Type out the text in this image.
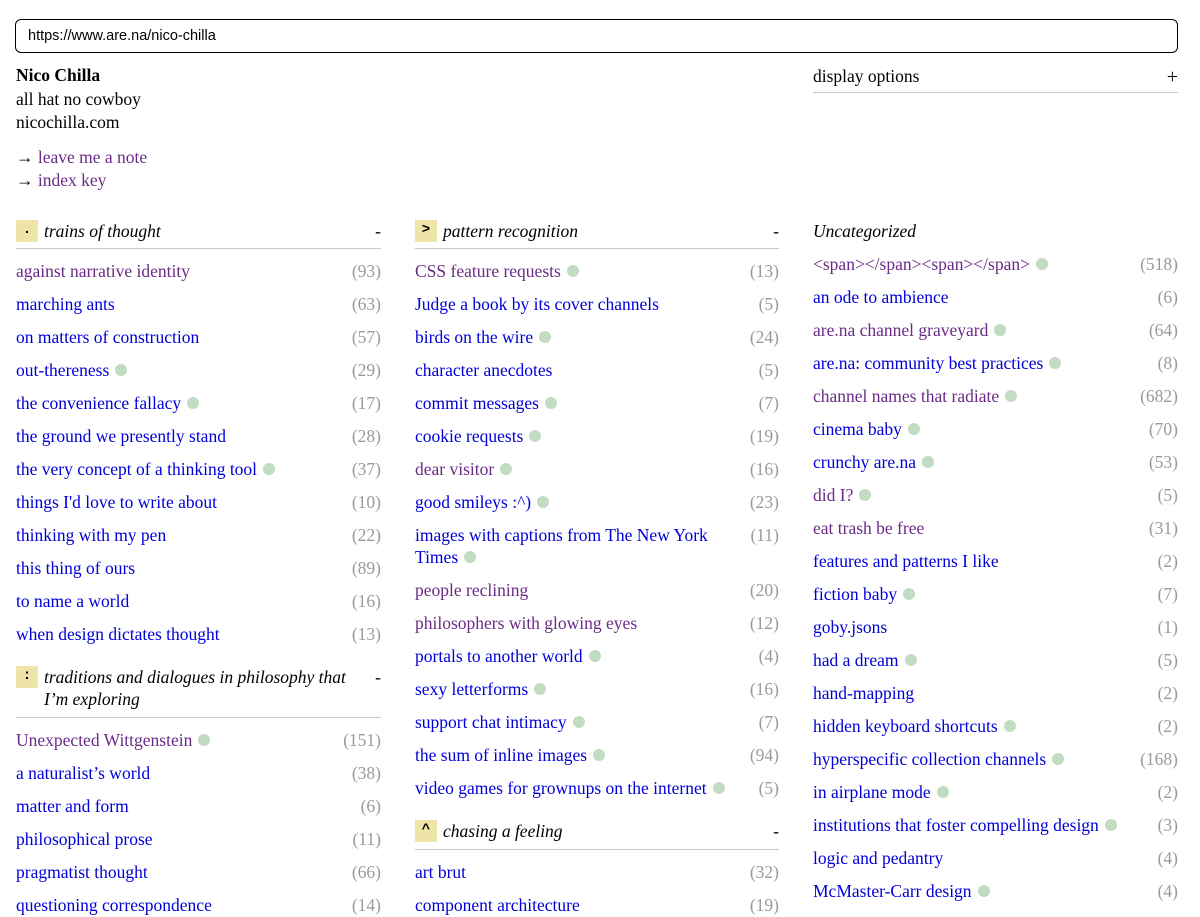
https://www.are.na/nico-chilla
Nico Chilla
all hat no cowboy
nicochilla.com
→ leave me a note
→ index key
display options	+
. trains of thought	-
against narrative identity	(93)
marching ants	(63)
on matters of construction	(57)
out-thereness	(29)
the convenience fallacy	(17)
the ground we presently stand	(28)
the very concept of a thinking tool	(37)
things I'd love to write about	(10)
thinking with my pen	(22)
this thing of ours	(89)
to name a world	(16)
when design dictates thought	(13)
: traditions and dialogues in philosophy that I’m exploring
-
Unexpected Wittgenstein	(151)
a naturalist’s world	(38)
matter and form	(6)
philosophical prose	(11)
pragmatist thought	(66)
questioning correspondence	(14)
> pattern recognition	-
CSS feature requests	(13)
Judge a book by its cover channels	(5)
birds on the wire	(24)
character anecdotes	(5)
commit messages	(7)
cookie requests	(19)
dear visitor	(16)
good smileys :^)	(23)
images with captions from The New York Times
(11)
people reclining	(20)
philosophers with glowing eyes	(12)
portals to another world	(4)
sexy letterforms	(16)
support chat intimacy	(7)
the sum of inline images	(94)
video games for grownups on the internet	(5)
^ chasing a feeling	-
art brut	(32)
component architecture	(19)
Uncategorized
<span></span><span></span>	(518)
an ode to ambience	(6)
are.na channel graveyard	(64)
are.na: community best practices	(8)
channel names that radiate	(682)
cinema baby	(70)
crunchy are.na	(53)
did I?	(5)
eat trash be free	(31)
features and patterns I like	(2)
fiction baby	(7)
goby.jsons	(1)
had a dream	(5)
hand-mapping	(2)
hidden keyboard shortcuts	(2)
hyperspecific collection channels	(168)
in airplane mode	(2)
institutions that foster compelling design	(3)
logic and pedantry	(4)
McMaster-Carr design	(4)
